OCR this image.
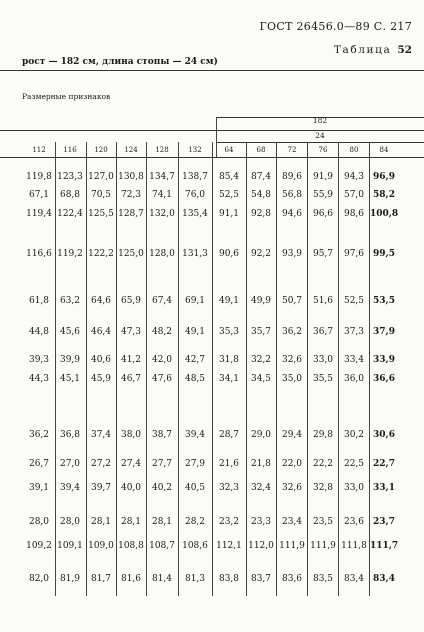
ГОСТ 26456.0—89 С. 217
Таблица 52
рост — 182 см, длина стопы — 24 см)
Размерные признаков
182
24
112	116	120	124	128	132	64	68	72	76	80	84
119,8 123,3 127,0 130,8 134,7 138,7	85,4	87,4	89,6	91,9	94,3	96,9
67,1	68,8	70,5	72,3	74,1	76,0	52,5	54,8	56,8	55,9	57,0	58,2
119,4 122,4 125,5 128,7 132,0 135,4	91,1	92,8	94,6	96,6	98,6 100,8
116,6 119,2 122,2 125,0 128,0 131,3	90,6	92,2	93,9	95,7	97,6	99,5
61,8	63,2	64,6	65,9	67,4	69,1	49,1	49,9	50,7	51,6	52,5	53,5
44,8	45,6	46,4	47,3	48,2	49,1	35,3	35,7	36,2	36,7	37,3	37,9
39,3	39,9	40,6	41,2	42,0	42,7	31,8	32,2	32,6	33,0	33,4	33,9
44,3	45,1	45,9	46,7	47,6	48,5	34,1	34,5	35,0	35,5	36,0	36,6
36,2	36,8	37,4	38,0	38,7	39,4	28,7	29,0	29,4	29,8	30,2	30,6
26,7	27,0	27,2	27,4	27,7	27,9	21,6	21,8	22,0	22,2	22,5	22,7
39,1	39,4	39,7	40,0	40,2	40,5	32,3	32,4	32,6	32,8	33,0	33,1
28,0	28,0	28,1	28,1	28,1	28,2	23,2	23,3	23,4	23,5	23,6	23,7
109,2 109,1 109,0 108,8 108,7 108,6 112,1 112,0 111,9 111,9 111,8 111,7
82,0	81,9	81,7	81,6	81,4	81,3	83,8	83,7	83,6	83,5	83,4	83,4
